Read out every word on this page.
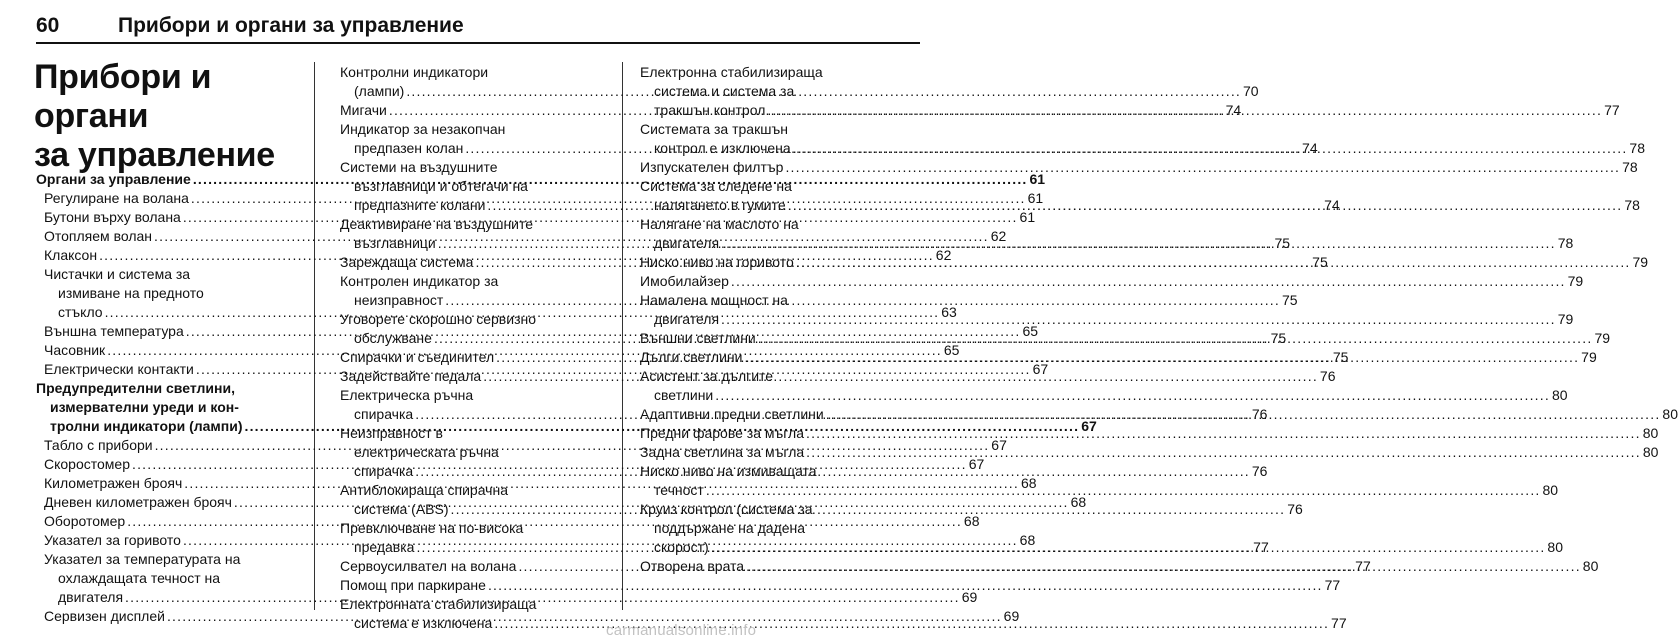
60	Прибори и органи за управление
Прибори и органи
за управление
Органи за управление .....	61
Регулиране на волана .....	61
Бутони върху волана .....	61
Отопляем волан .....	62
Клаксон .....	62
Чистачки и система за
измиване на предното
стъкло .....	63
Външна температура .....	65
Часовник .....	65
Електрически контакти .....	67
Предупредителни светлини,
измервателни уреди и кон-
тролни индикатори (лампи) .....	67
Табло с прибори .....	67
Скоростомер .....	67
Километражен брояч .....	68
Дневен километражен брояч .....	68
Оборотомер .....	68
Указател за горивото .....	68
Указател за температурата на
охлаждащата течност на
двигателя .....	69
Сервизен дисплей .....	69
Контролни индикатори
(лампи) .....	70
Мигачи .....	74
Индикатор за незакопчан
предпазен колан .....	74
Системи на въздушните
възглавници и обтегачи на
предпазните колани .....	74
Деактивиране на въздушните
възглавници .....	75
Зареждаща система .....	75
Контролен индикатор за
неизправност .....	75
Уговорете скорошно сервизно
обслужване .....	75
Спирачки и съединител .....	75
Задействайте педала .....	76
Електрическа ръчна
спирачка .....	76
Неизправност в
електрическата ръчна
спирачка .....	76
Антиблокираща спирачна
система (ABS) .....	76
Превключване на по-висока
предавка .....	77
Сервоусилвател на волана .....	77
Помощ при паркиране .....	77
Електронната стабилизираща
система е изключена .....	77
Електронна стабилизираща
система и система за
тракшън контрол .....	77
Системата за тракшън
контрол е изключена .....	78
Изпускателен филтър .....	78
Система за следене на
налягането в гумите .....	78
Налягане на маслото на
двигателя .....	78
Ниско ниво на горивото .....	79
Имобилайзер .....	79
Намалена мощност на
двигателя .....	79
Външни светлини .....	79
Дълги светлини .....	79
Асистент за дългите
светлини .....	80
Адаптивни предни светлини .....	80
Предни фарове за мъгла .....	80
Задна светлина за мъгла .....	80
Ниско ниво на измиващата
течност .....	80
Круиз контрол (система за
поддържане на дадена
скорост) .....	80
Отворена врата .....	80
carmanualsonline.info
